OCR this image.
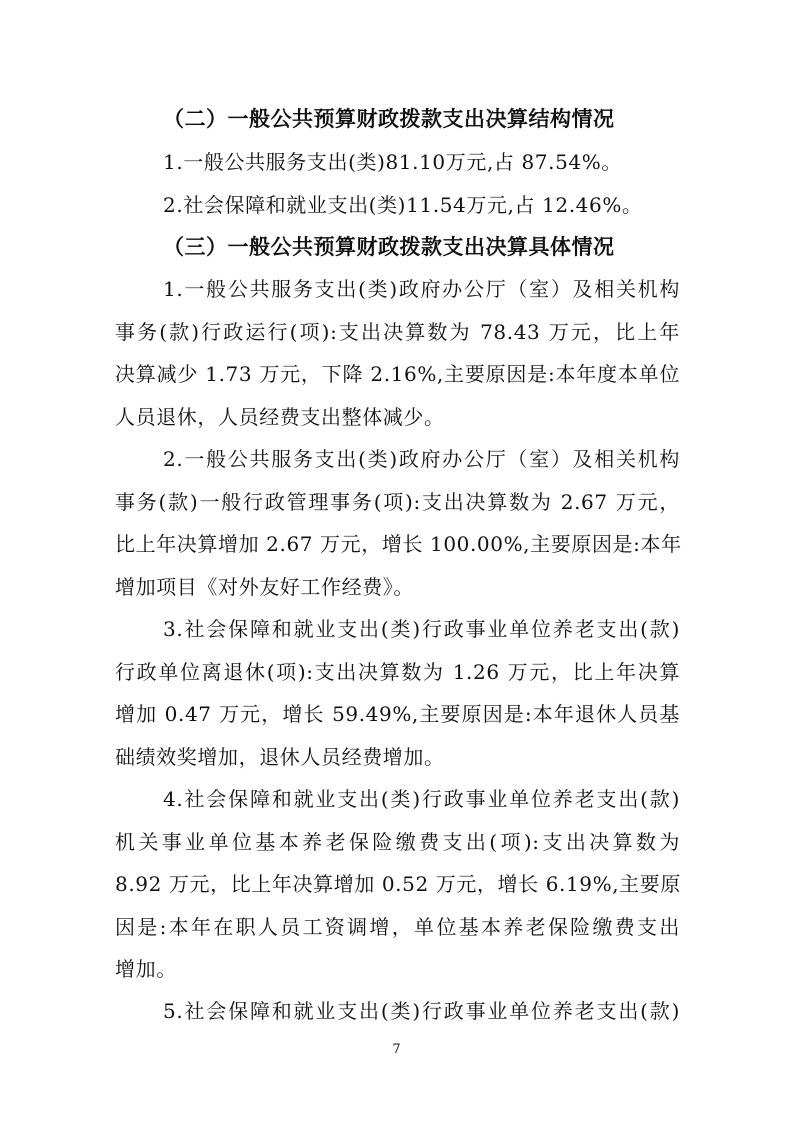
（二）一般公共预算财政拨款支出决算结构情况
1.一般公共服务支出(类)81.10万元,占 87.54%。
2.社会保障和就业支出(类)11.54万元,占 12.46%。
（三）一般公共预算财政拨款支出决算具体情况
1.一般公共服务支出(类)政府办公厅（室）及相关机构
事务(款)行政运行(项):支出决算数为 78.43 万元，比上年
决算减少 1.73 万元，下降 2.16%,主要原因是:本年度本单位
人员退休，人员经费支出整体减少。
2.一般公共服务支出(类)政府办公厅（室）及相关机构
事务(款)一般行政管理事务(项):支出决算数为 2.67 万元，
比上年决算增加 2.67 万元，增长 100.00%,主要原因是:本年
增加项目《对外友好工作经费》。
3.社会保障和就业支出(类)行政事业单位养老支出(款)
行政单位离退休(项):支出决算数为 1.26 万元，比上年决算
增加 0.47 万元，增长 59.49%,主要原因是:本年退休人员基
础绩效奖增加，退休人员经费增加。
4.社会保障和就业支出(类)行政事业单位养老支出(款)
机关事业单位基本养老保险缴费支出(项):支出决算数为
8.92 万元，比上年决算增加 0.52 万元，增长 6.19%,主要原
因是:本年在职人员工资调增，单位基本养老保险缴费支出
增加。
5.社会保障和就业支出(类)行政事业单位养老支出(款)
7
